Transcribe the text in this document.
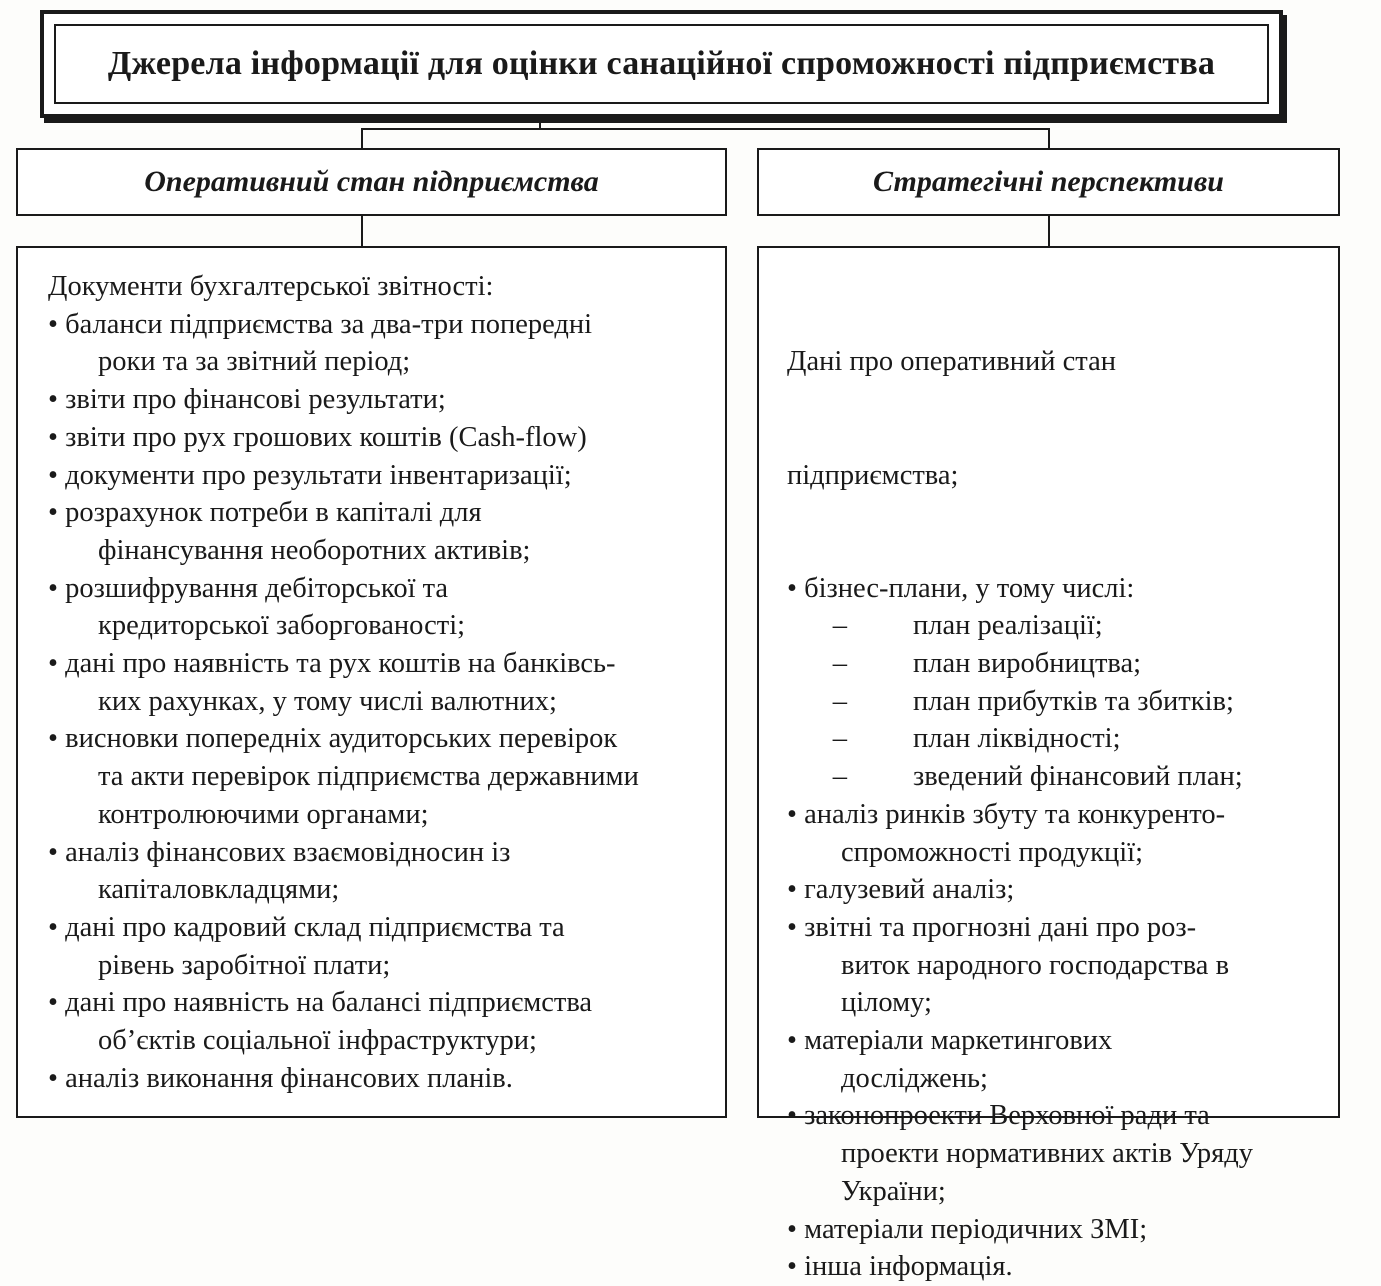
Джерела інформації для оцінки санаційної спроможності підприємства
Оперативний стан підприємства	Стратегічні перспективи
Документи бухгалтерської звітності:
• баланси підприємства за два-три попередні
роки та за звітний період;
• звіти про фінансові результати;
• звіти про рух грошових коштів (Cash-flow)
• документи про результати інвентаризації;
• розрахунок потреби в капіталі для
фінансування необоротних активів;
• розшифрування дебіторської та
кредиторської заборгованості;
• дані про наявність та рух коштів на банківсь-
ких рахунках, у тому числі валютних;
• висновки попередніх аудиторських перевірок
та акти перевірок підприємства державними
контролюючими органами;
• аналіз фінансових взаємовідносин із
капіталовкладцями;
• дані про кадровий склад підприємства та
рівень заробітної плати;
• дані про наявність на балансі підприємства
об’єктів соціальної інфраструктури;
• аналіз виконання фінансових планів.

Дані про оперативний стан

підприємства;

• бізнес-плани, у тому числі:
– план реалізації;
– план виробництва;
– план прибутків та збитків;
– план ліквідності;
– зведений фінансовий план;
• аналіз ринків збуту та конкуренто-
спроможності продукції;
• галузевий аналіз;
• звітні та прогнозні дані про роз-
виток народного господарства в
цілому;
• матеріали маркетингових
досліджень;
• законопроекти Верховної ради та
проекти нормативних актів Уряду
України;
• матеріали періодичних ЗМІ;
• інша інформація.
